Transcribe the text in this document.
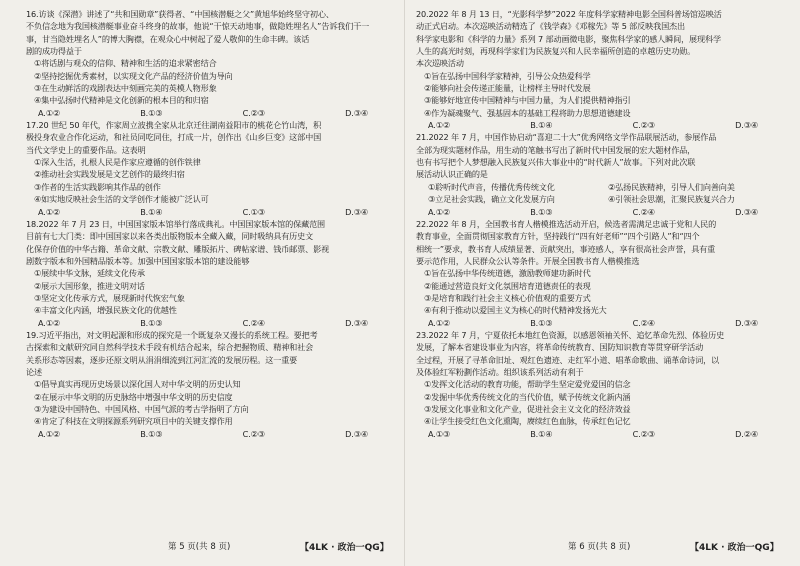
16.访谈《深潜》讲述了“共和国勋章”获得者、“中国核潜艇之父”黄旭华始终坚守初心、

不负信念地为我国核潜艇事业奋斗终身的故事，他说“干惊天动地事，做隐姓埋名人”告诉我们干一

事，甘当隐姓埋名人”的博大胸襟，在观众心中树起了爱人敬仰的生命丰碑。该话

剧的成功得益于

①将话剧与观众的信仰、精神和生活的追求紧密结合

②坚持挖掘优秀素材，以实现文化产品的经济价值为导向

③在生动鲜活的戏剧表达中刻画完美的英模人物形象

④集中弘扬时代精神是文化创新的根本目的和归宿

A.①②	B.①③	C.②③	D.③④

17.20 世纪 50 年代，作家周立波携全家从北京迁往湖南益阳市的桃花仑竹山湾，积

极投身农业合作化运动，和社员同吃同住，打成一片，创作出《山乡巨变》这部中国

当代文学史上的重要作品。这表明

①深入生活，扎根人民是作家应遵循的创作铁律

②推动社会实践发展是文艺创作的最终归宿

③作者的生活实践影响其作品的创作

④如实地反映社会生活的文学创作才能被广泛认可

A.①②	B.①④	C.①③	D.③④

18.2022 年 7 月 23 日，中国国家版本馆举行落成典礼。中国国家版本馆的保藏范围

目前有七大门类：即中国国家以来各类出版物版本全藏入藏，同时吸纳具有历史文

化保存价值的中华古籍、革命文献、宗教文献、雕版拓片、碑帖家谱、钱币邮票、影视

剧数字版本和外国精品版本等。加强中国国家版本馆的建设能够

①展续中华文脉，延续文化传承

②展示大国形象，推进文明对话

③坚定文化传承方式，展现新时代恢宏气象

④丰富文化内涵，增强民族文化的优越性

A.①②	B.①③	C.②④	D.③④

19.习近平指出，对文明起源和形成的探究是一个既复杂又漫长的系统工程。要把考

古探索和文献研究同自然科学技术手段有机结合起来，综合把握物质、精神和社会

关系形态等因素，逐步还原文明从涓涓细流到江河汇流的发展历程。这一重要

论述

①倡导真实再现历史场景以深化国人对中华文明的历史认知

②在展示中华文明的历史脉络中增强中华文明的历史信度

③为建设中国特色、中国风格、中国气派的考古学指明了方向

④肯定了科技在文明探源系列研究项目中的关键支撑作用

A.①②	B.①③	C.②③	D.③④
第 5 页(共 8 页)	【4LK · 政治一QG】

20.2022 年 8 月 13 日，“光影科学梦”2022 年度科学家精神电影全国科普场馆巡映活

动正式启动。本次巡映活动精选了《钱学森》《邓稼先》等 5 部反映我国杰出

科学家电影和《科学的力量》系列 7 部动画微电影，聚焦科学家的感人瞬间，展现科学

人生的高光时刻，再现科学家们为民族复兴和人民幸福所创造的卓越历史功勋。

本次巡映活动

①旨在弘扬中国科学家精神，引导公众热爱科学

②能够向社会传递正能量，让榜样主导时代发展

③能够好地宣传中国精神与中国力量，为人们提供精神指引

④作为凝魂聚气、强基固本的基础工程将助力思想道德建设

A.①②	B.①④	C.②③	D.③④

21.2022 年 7 月，中国作协启动“喜迎二十大”优秀网络文学作品联展活动，参展作品

全部为现实题材作品，用生动的笔触书写出了新时代中国发展的宏大题材作品，

也有书写把个人梦想融入民族复兴伟大事业中的“时代新人”故事。下列对此次联

展活动认识正确的是

①聆听时代声音，传播优秀传统文化	②弘扬民族精神，引导人们向善向美
③立足社会实践，确立文化发展方向	④引领社会思潮，汇聚民族复兴合力
A.①②	B.①③	C.②④	D.③④

22.2022 年 8 月，全国教书育人楷模推选活动开启，候选者需满足忠诚于党和人民的

教育事业，全面贯彻国家教育方针，坚持践行“四有好老师”“四个引路人”和“四个

相统一”要求，教书育人成绩显著、贡献突出，事迹感人，享有很高社会声誉，具有重

要示范作用，人民群众公认等条件。开展全国教书育人楷模推选

①旨在弘扬中华传统道德，激励教师建功新时代

②能通过营造良好文化氛围培育道德责任的表现

③是培育和践行社会主义核心价值观的重要方式

④有利于推动以爱国主义为核心的时代精神发扬光大

A.①②	B.①③	C.②④	D.③④

23.2022 年 7 月，宁夏依托本地红色资源，以感恩领袖关怀、追忆革命先烈、体验历史

发展，了解本省建设事业为内容，将革命传统教育、国防知识教育等贯穿研学活动

全过程，开展了寻革命旧址、观红色遗迹、走红军小道、唱革命歌曲、诵革命诗词，以

及体验红军粉劃作活动。组织该系列活动有利于

①发挥文化活动的教育功能，帮助学生坚定爱党爱国的信念

②发掘中华优秀传统文化的当代价值，赋予传统文化新内涵

③发展文化事业和文化产业，促进社会主义文化的经济效益

④让学生接受红色文化熏陶，赓续红色血脉，传承红色记忆

A.①③	B.①④	C.②③	D.②④
第 6 页(共 8 页)	【4LK · 政治一QG】
